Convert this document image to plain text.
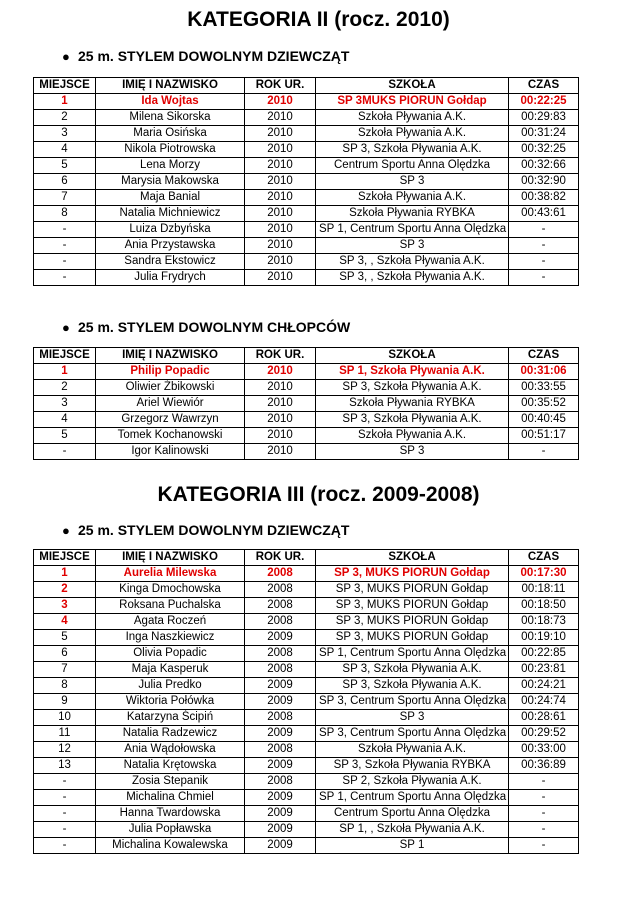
KATEGORIA II (rocz. 2010)

● 25 m. STYLEM DOWOLNYM DZIEWCZĄT

MIEJSCE	IMIĘ I NAZWISKO	ROK UR.	SZKOŁA	CZAS
1	Ida Wojtas	2010	SP 3MUKS PIORUN Gołdap	00:22:25
2	Milena Sikorska	2010	Szkoła Pływania A.K.	00:29:83
3	Maria Osińska	2010	Szkoła Pływania A.K.	00:31:24
4	Nikola Piotrowska	2010	SP 3, Szkoła Pływania A.K.	00:32:25
5	Lena Morzy	2010	Centrum Sportu Anna Olędzka	00:32:66
6	Marysia Makowska	2010	SP 3	00:32:90
7	Maja Banial	2010	Szkoła Pływania A.K.	00:38:82
8	Natalia Michniewicz	2010	Szkoła Pływania RYBKA	00:43:61
-	Luiza Dzbyńska	2010	SP 1, Centrum Sportu Anna Olędzka	-
-	Ania Przystawska	2010	SP 3	-
-	Sandra Ekstowicz	2010	SP 3, , Szkoła Pływania A.K.	-
-	Julia Frydrych	2010	SP 3, , Szkoła Pływania A.K.	-

● 25 m. STYLEM DOWOLNYM CHŁOPCÓW

MIEJSCE	IMIĘ I NAZWISKO	ROK UR.	SZKOŁA	CZAS
1	Philip Popadic	2010	SP 1, Szkoła Pływania A.K.	00:31:06
2	Oliwier Żbikowski	2010	SP 3, Szkoła Pływania A.K.	00:33:55
3	Ariel Wiewiór	2010	Szkoła Pływania RYBKA	00:35:52
4	Grzegorz Wawrzyn	2010	SP 3, Szkoła Pływania A.K.	00:40:45
5	Tomek Kochanowski	2010	Szkoła Pływania A.K.	00:51:17
-	Igor Kalinowski	2010	SP 3	-
KATEGORIA III (rocz. 2009-2008)

● 25 m. STYLEM DOWOLNYM DZIEWCZĄT

MIEJSCE	IMIĘ I NAZWISKO	ROK UR.	SZKOŁA	CZAS
1	Aurelia Milewska	2008	SP 3, MUKS PIORUN Gołdap	00:17:30
2	Kinga Dmochowska	2008	SP 3, MUKS PIORUN Gołdap	00:18:11
3	Roksana Puchalska	2008	SP 3, MUKS PIORUN Gołdap	00:18:50
4	Agata Roczeń	2008	SP 3, MUKS PIORUN Gołdap	00:18:73
5	Inga Naszkiewicz	2009	SP 3, MUKS PIORUN Gołdap	00:19:10
6	Olivia Popadic	2008	SP 1, Centrum Sportu Anna Olędzka	00:22:85
7	Maja Kasperuk	2008	SP 3, Szkoła Pływania A.K.	00:23:81
8	Julia Predko	2009	SP 3, Szkoła Pływania A.K.	00:24:21
9	Wiktoria Połówka	2009	SP 3, Centrum Sportu Anna Olędzka	00:24:74
10	Katarzyna Ścipiń	2008	SP 3	00:28:61
11	Natalia Radzewicz	2009	SP 3, Centrum Sportu Anna Olędzka	00:29:52
12	Ania Wądołowska	2008	Szkoła Pływania A.K.	00:33:00
13	Natalia Krętowska	2009	SP 3, Szkoła Pływania RYBKA	00:36:89
-	Zosia Stepanik	2008	SP 2, Szkoła Pływania A.K.	-
-	Michalina Chmiel	2009	SP 1, Centrum Sportu Anna Olędzka	-
-	Hanna Twardowska	2009	Centrum Sportu Anna Olędzka	-
-	Julia Popławska	2009	SP 1, , Szkoła Pływania A.K.	-
-	Michalina Kowalewska	2009	SP 1	-
